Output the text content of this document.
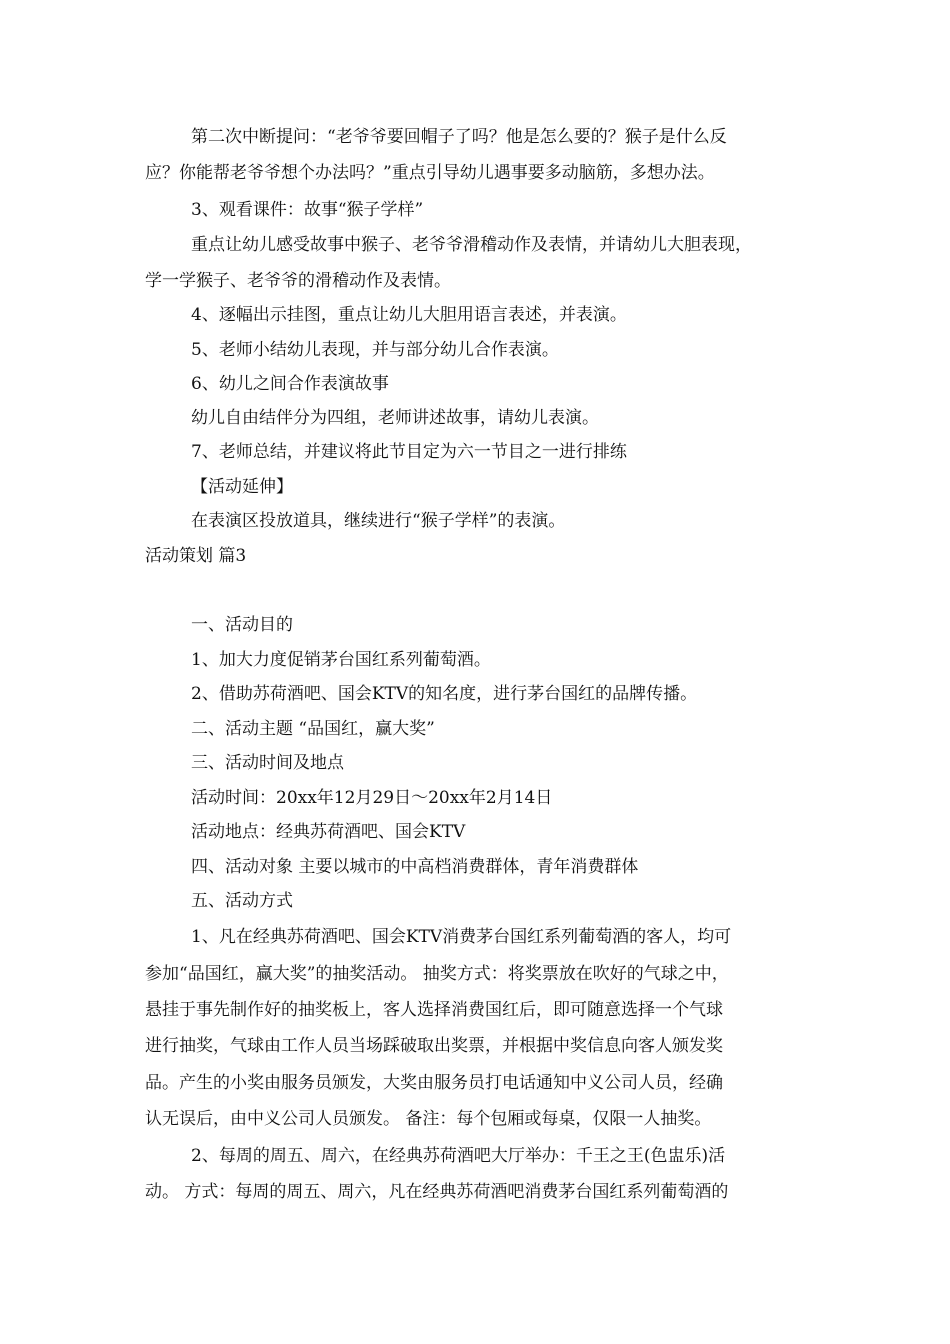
第二次中断提问：“老爷爷要回帽子了吗？他是怎么要的？猴子是什么反
应？你能帮老爷爷想个办法吗？”重点引导幼儿遇事要多动脑筋，多想办法。
3、观看课件：故事“猴子学样”
重点让幼儿感受故事中猴子、老爷爷滑稽动作及表情，并请幼儿大胆表现，
学一学猴子、老爷爷的滑稽动作及表情。
4、逐幅出示挂图，重点让幼儿大胆用语言表述，并表演。
5、老师小结幼儿表现，并与部分幼儿合作表演。
6、幼儿之间合作表演故事
幼儿自由结伴分为四组，老师讲述故事，请幼儿表演。
7、老师总结，并建议将此节目定为六一节目之一进行排练
【活动延伸】
在表演区投放道具，继续进行“猴子学样”的表演。
活动策划 篇3
一、活动目的
1、加大力度促销茅台国红系列葡萄酒。
2、借助苏荷酒吧、国会KTV的知名度，进行茅台国红的品牌传播。
二、活动主题 “品国红，赢大奖”
三、活动时间及地点
活动时间：20xx年12月29日～20xx年2月14日
活动地点：经典苏荷酒吧、国会KTV
四、活动对象 主要以城市的中高档消费群体，青年消费群体
五、活动方式
1、凡在经典苏荷酒吧、国会KTV消费茅台国红系列葡萄酒的客人，均可
参加“品国红，赢大奖”的抽奖活动。 抽奖方式：将奖票放在吹好的气球之中，
悬挂于事先制作好的抽奖板上，客人选择消费国红后，即可随意选择一个气球
进行抽奖，气球由工作人员当场踩破取出奖票，并根据中奖信息向客人颁发奖
品。产生的小奖由服务员颁发，大奖由服务员打电话通知中义公司人员，经确
认无误后，由中义公司人员颁发。 备注：每个包厢或每桌，仅限一人抽奖。
2、每周的周五、周六，在经典苏荷酒吧大厅举办：千王之王(色盅乐)活
动。 方式：每周的周五、周六，凡在经典苏荷酒吧消费茅台国红系列葡萄酒的
